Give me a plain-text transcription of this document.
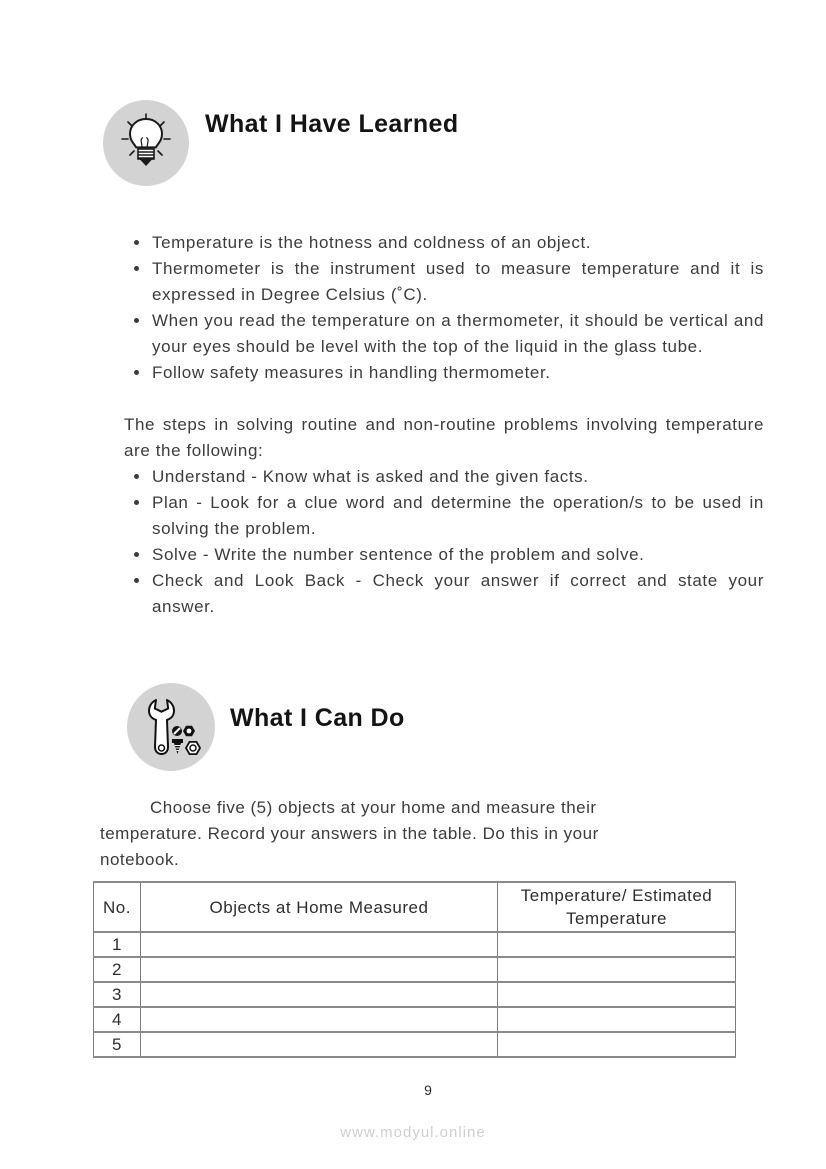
What I Have Learned
• Temperature is the hotness and coldness of an object.
• Thermometer is the instrument used to measure temperature and it is expressed in Degree Celsius (˚C).
• When you read the temperature on a thermometer, it should be vertical and your eyes should be level with the top of the liquid in the glass tube.
• Follow safety measures in handling thermometer.

The steps in solving routine and non-routine problems involving temperature are the following:

• Understand - Know what is asked and the given facts.
• Plan - Look for a clue word and determine the operation/s to be used in solving the problem.
• Solve - Write the number sentence of the problem and solve.
• Check and Look Back - Check your answer if correct and state your answer.
What I Can Do

Choose five (5) objects at your home and measure their temperature. Record your answers in the table. Do this in your notebook.

No.	Objects at Home Measured	Temperature/ Estimated Temperature
1		
2		
3		
4		
5		
9
www.modyul.online
